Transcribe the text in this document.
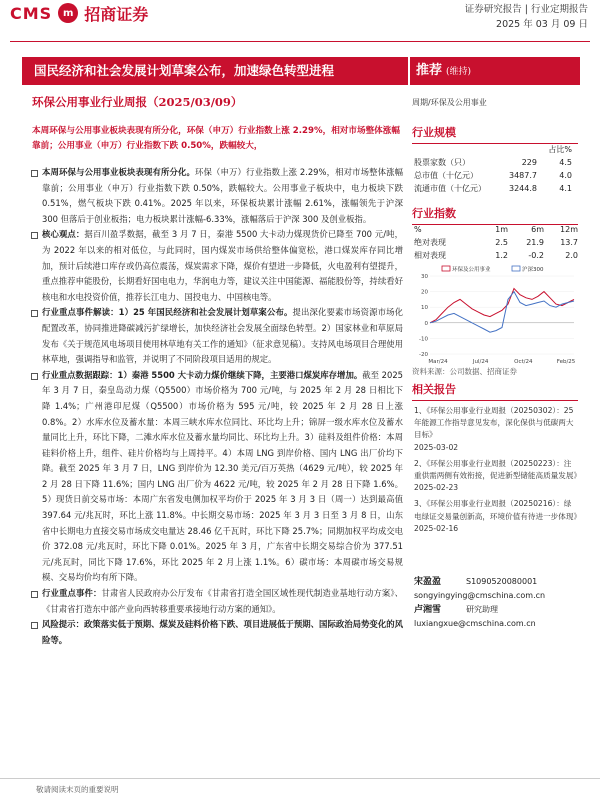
CMS	m 招商证券	证券研究报告 | 行业定期报告
2025 年 03 月 09 日
国民经济和社会发展计划草案公布，加速绿色转型进程	推荐 (维持)
环保公用事业行业周报（2025/03/09）	周期/环保及公用事业
本周环保与公用事业板块表现有所分化，环保（申万）行业指数上涨 2.29%，相对市场整体涨幅靠前；公用事业（申万）行业指数下跌 0.50%，跌幅较大，
本周环保与公用事业板块表现有所分化。环保（申万）行业指数上涨 2.29%，相对市场整体涨幅靠前；公用事业（申万）行业指数下跌 0.50%，跌幅较大。公用事业子板块中，电力板块下跌 0.51%，燃气板块下跌 0.41%。2025 年以来，环保板块累计涨幅 2.61%，涨幅领先于沪深 300 但落后于创业板指；电力板块累计涨幅-6.33%，涨幅落后于沪深 300 及创业板指。
核心观点：据百川盈孚数据，截至 3 月 7 日，秦港 5500 大卡动力煤现货价已降至 700 元/吨，为 2022 年以来的相对低位，与此同时，国内煤炭市场供给整体偏宽松，港口煤炭库存同比增加，预计后续港口库存或仍高位震荡，煤炭需求下降，煤价有望进一步降低，火电盈利有望提升，重点推荐申能股份，长期看好国电电力，华润电力等，建议关注中国能源、福能股份等，持续看好核电和水电投资价值，推荐长江电力、国投电力、中国核电等。
行业重点事件解读：1）25 年国民经济和社会发展计划草案公布。提出深化要素市场资源市场化配置改革，协同推进降碳减污扩绿增长，加快经济社会发展全面绿色转型。2）国家林业和草原局发布《关于规范风电场项目使用林草地有关工作的通知》（征求意见稿）。支持风电场项目合理使用林草地，强调指导和监管，并说明了不同阶段项目适用的规定。
行业重点数据跟踪：1）秦港 5500 大卡动力煤价继续下降，主要港口煤炭库存增加。截至 2025 年 3 月 7 日，秦皇岛动力煤（Q5500）市场价格为 700 元/吨，与 2025 年 2 月 28 日相比下降 1.4%；广州港印尼煤（Q5500）市场价格为 595 元/吨，较 2025 年 2 月 28 日上涨 0.8%。2）水库水位及蓄水量：本周三峡水库水位同比、环比均上升；锦屏一级水库水位及蓄水量同比上升，环比下降，二滩水库水位及蓄水量均同比、环比均上升。3）硅料及组件价格：本周硅料价格上升，组件、硅片价格均与上周持平。4）本周 LNG 到岸价格、国内 LNG 出厂价均下降。截至 2025 年 3 月 7 日，LNG 到岸价为 12.30 美元/百万英热（4629 元/吨），较 2025 年 2 月 28 日下降 11.6%；国内 LNG 出厂价为 4622 元/吨，较 2025 年 2 月 28 日下降 1.6%。5）现货日前交易市场：本周广东省发电侧加权平均价于 2025 年 3 月 3 日（周一）达到最高值 397.64 元/兆瓦时，环比上涨 11.8%。中长期交易市场：2025 年 3 月 3 日至 3 月 8 日，山东省中长期电力直接交易市场成交电量达 28.46 亿千瓦时，环比下降 25.7%；同期加权平均成交电价 372.08 元/兆瓦时，环比下降 0.01%。2025 年 3 月，广东省中长期交易综合价为 377.51 元/兆瓦时，同比下降 17.6%，环比 2025 年 2 月上涨 1.1%。6）碳市场：本周碳市场交易规模、交易均价均有所下降。
行业重点事件：甘肃省人民政府办公厅发布《甘肃省打造全国区域性现代制造业基地行动方案》、《甘肃省打造东中部产业向西转移重要承接地行动方案的通知》。
风险提示：政策落实低于预期、煤炭及硅料价格下跌、项目进展低于预期、国际政治局势变化的风险等。
行业规模
占比%
股票家数（只）	229	4.5
总市值（十亿元）	3487.7	4.0
流通市值（十亿元）	3244.8	4.1
行业指数
%	1m	6m	12m
绝对表现	2.5	21.9	13.7
相对表现	1.2	-0.2	2.0
30
20
10
0
-10
-20
Mar/24	Jul/24	Oct/24	Feb/25
环保及公用事业	沪深300
资料来源：公司数据、招商证券
相关报告
1、《环保公用事业行业周报（20250302）：25 年能源工作指导意见发布，深化保供与低碳两大目标》
2025-03-02
2、《环保公用事业行业周报（20250223）：注重供需两侧有效衔接，促进新型储能高质量发展》
2025-02-23
3、《环保公用事业行业周报（20250216）：绿电绿证交易量创新高，环境价值有待进一步体现》
2025-02-16
宋盈盈	S1090520080001
songyingying@cmschina.com.cn
卢湘雪	研究助理
luxiangxue@cmschina.com.cn
敬请阅读末页的重要说明
